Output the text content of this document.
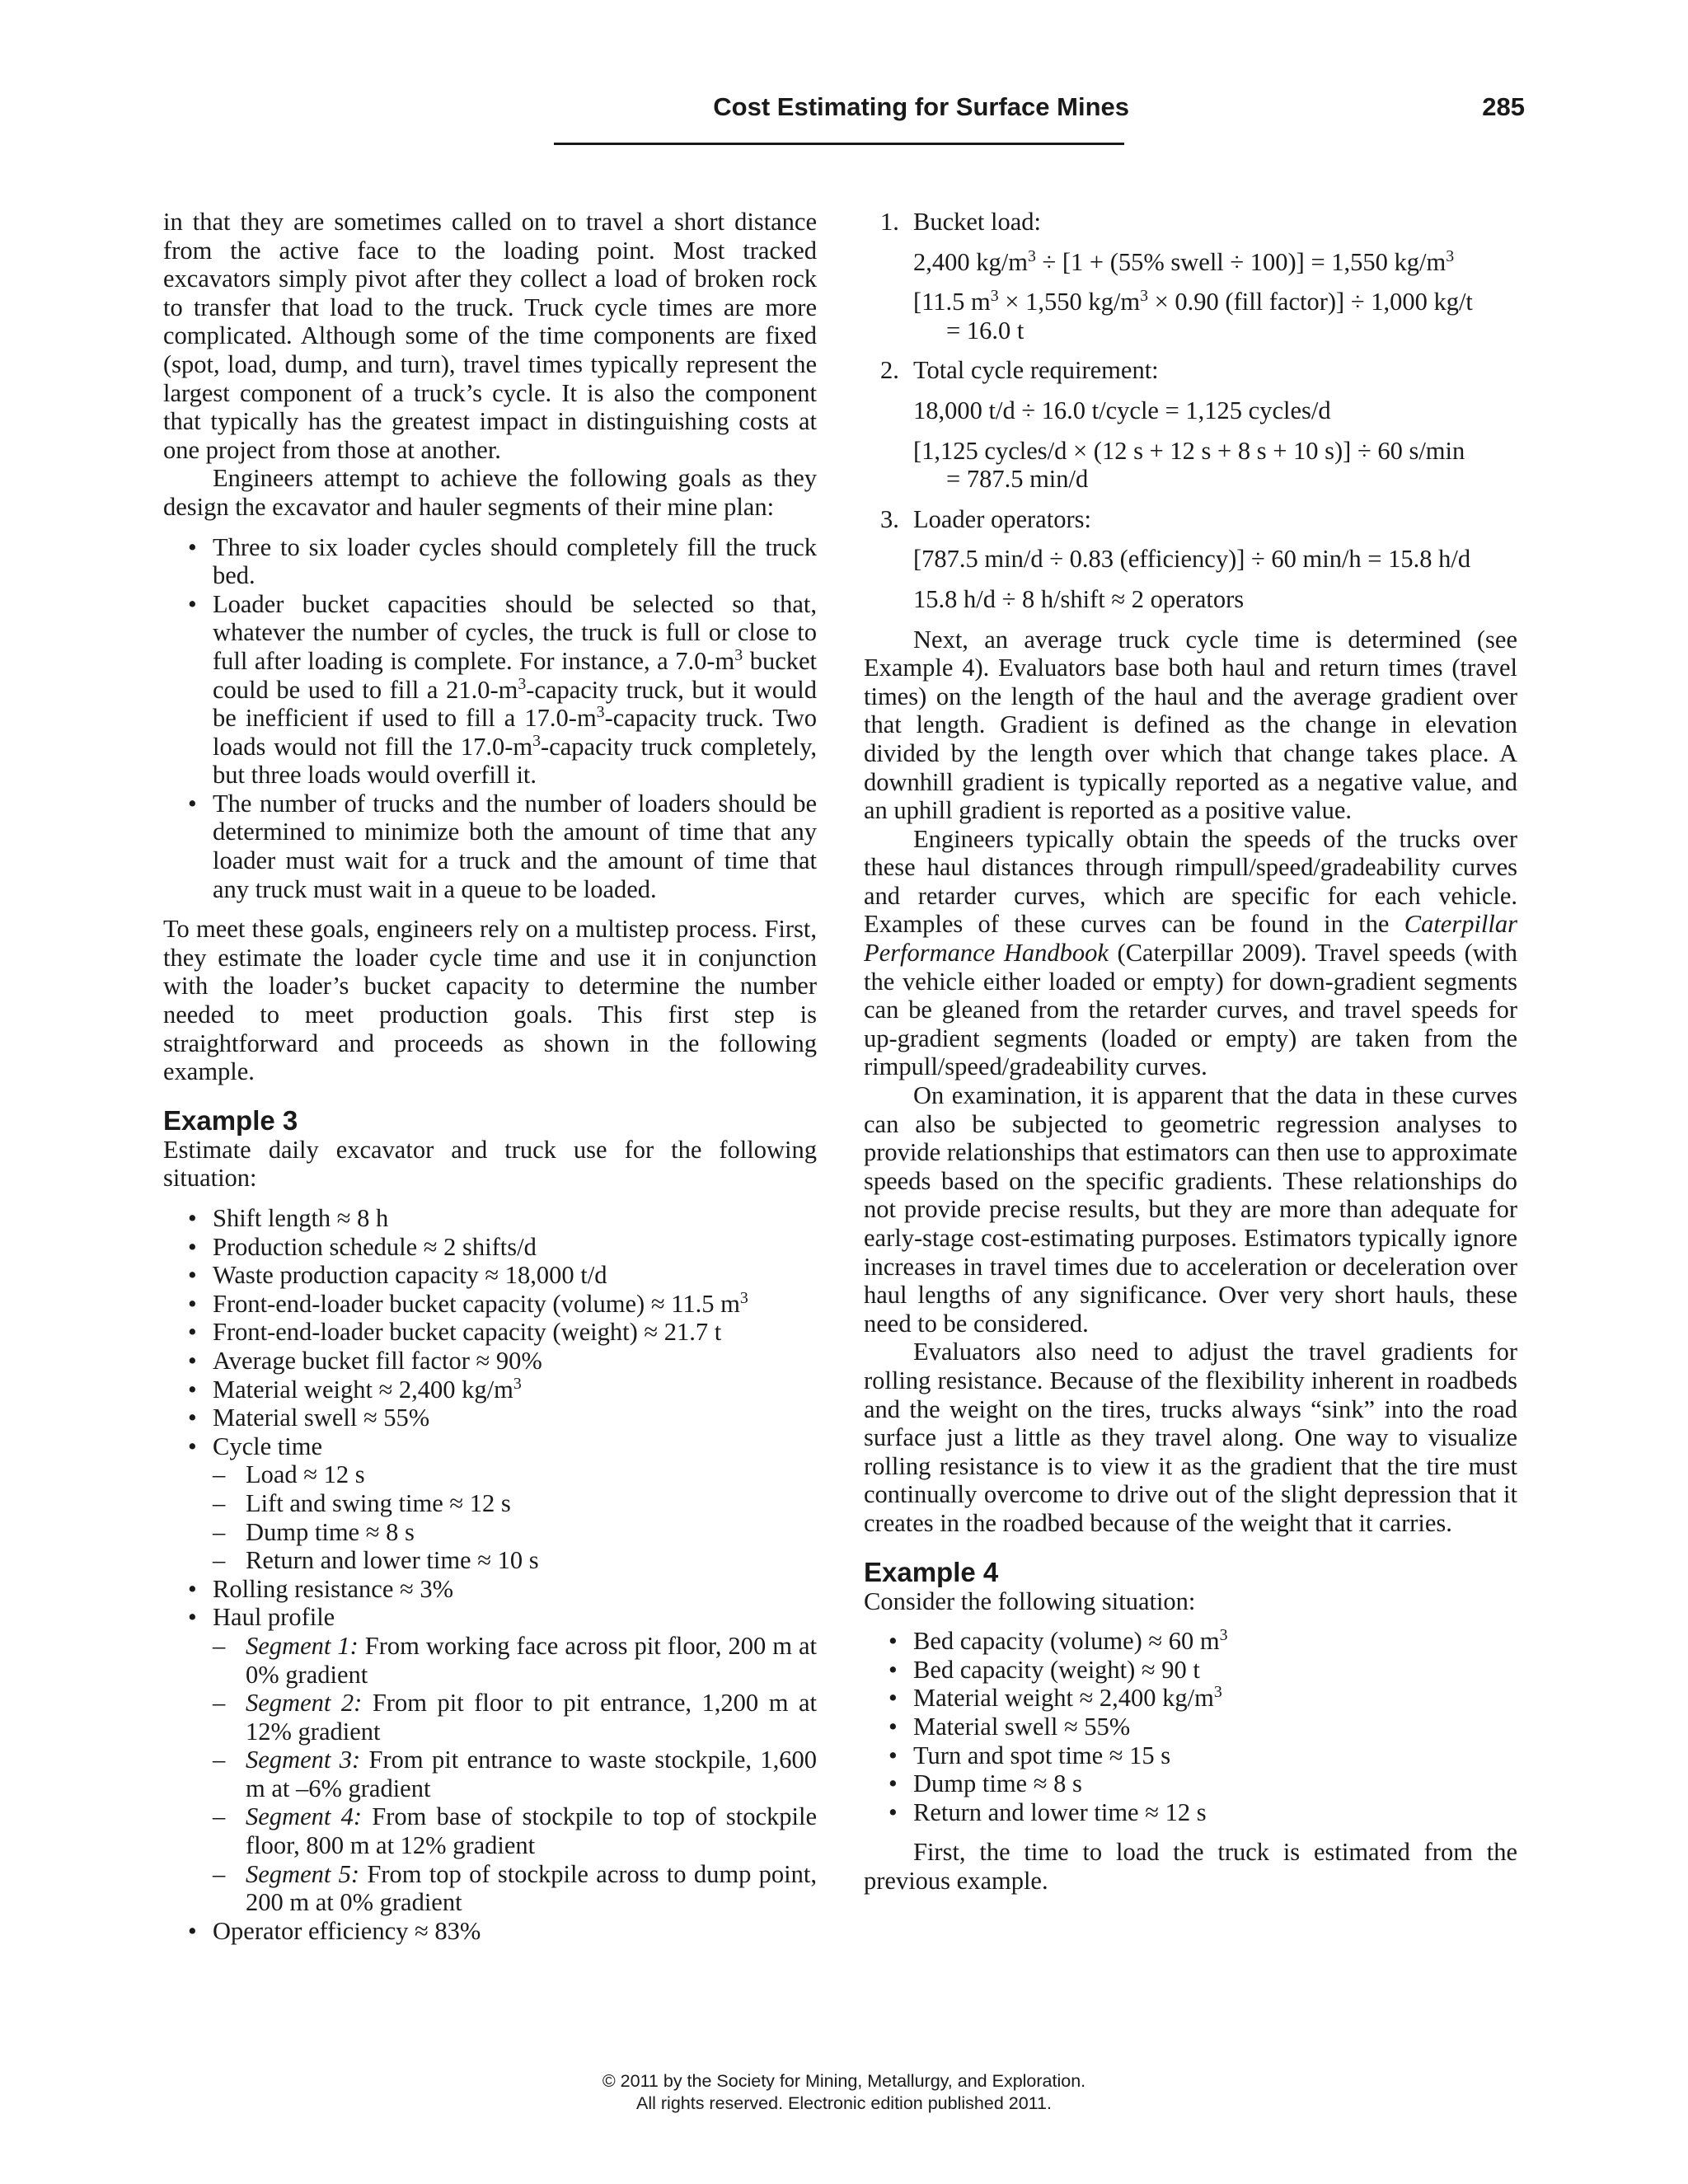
Cost Estimating for Surface Mines	285

in that they are sometimes called on to travel a short distance from the active face to the loading point. Most tracked excavators simply pivot after they collect a load of broken rock to transfer that load to the truck. Truck cycle times are more complicated. Although some of the time components are fixed (spot, load, dump, and turn), travel times typically represent the largest component of a truck’s cycle. It is also the component that typically has the greatest impact in distinguishing costs at one project from those at another.

Engineers attempt to achieve the following goals as they design the excavator and hauler segments of their mine plan:

• Three to six loader cycles should completely fill the truck bed.
• Loader bucket capacities should be selected so that, whatever the number of cycles, the truck is full or close to full after loading is complete. For instance, a $7.0-m^3$ bucket could be used to fill a $21.0-m^3$-capacity truck, but it would be inefficient if used to fill a $17.0-m^3$-capacity truck. Two loads would not fill the $17.0-m^3$-capacity truck completely, but three loads would overfill it.
• The number of trucks and the number of loaders should be determined to minimize both the amount of time that any loader must wait for a truck and the amount of time that any truck must wait in a queue to be loaded.

To meet these goals, engineers rely on a multistep process. First, they estimate the loader cycle time and use it in conjunction with the loader’s bucket capacity to determine the number needed to meet production goals. This first step is straightforward and proceeds as shown in the following example.

Example 3

Estimate daily excavator and truck use for the following situation:

• Shift length ≈ 8 h
• Production schedule ≈ 2 shifts/d
• Waste production capacity ≈ 18,000 t/d
• Front-end-loader bucket capacity (volume) ≈ 11.5 $m^3$
• Front-end-loader bucket capacity (weight) ≈ 21.7 t
• Average bucket fill factor ≈ 90%
• Material weight ≈ 2,400 $kg/m^3$
• Material swell ≈ 55%
• Cycle time
– Load ≈ 12 s
– Lift and swing time ≈ 12 s
– Dump time ≈ 8 s
– Return and lower time ≈ 10 s
• Rolling resistance ≈ 3%
• Haul profile
– Segment 1: From working face across pit floor, 200 m at 0% gradient
– Segment 2: From pit floor to pit entrance, 1,200 m at 12% gradient
– Segment 3: From pit entrance to waste stockpile, 1,600 m at –6% gradient
– Segment 4: From base of stockpile to top of stockpile floor, 800 m at 12% gradient
– Segment 5: From top of stockpile across to dump point, 200 m at 0% gradient
• Operator efficiency ≈ 83%
1. Bucket load:
2,400 $kg/m^3 \div [1 + (55\%$ swell ÷ 100)] = 1,550 $kg/m^3$
[11.5 $m^3 \times 1,550$ $kg/m^3 \times 0.90$ (fill factor)] ÷ 1,000 kg/t
= 16.0 t
2. Total cycle requirement:
18,000 t/d ÷ 16.0 t/cycle = 1,125 cycles/d
[1,125 cycles/d × (12 s + 12 s + 8 s + 10 s)] ÷ 60 s/min
= 787.5 min/d
3. Loader operators:
[787.5 min/d ÷ 0.83 (efficiency)] ÷ 60 min/h = 15.8 h/d
15.8 h/d ÷ 8 h/shift ≈ 2 operators

Next, an average truck cycle time is determined (see Example 4). Evaluators base both haul and return times (travel times) on the length of the haul and the average gradient over that length. Gradient is defined as the change in elevation divided by the length over which that change takes place. A downhill gradient is typically reported as a negative value, and an uphill gradient is reported as a positive value.

Engineers typically obtain the speeds of the trucks over these haul distances through rimpull/speed/gradeability curves and retarder curves, which are specific for each vehicle. Examples of these curves can be found in the Caterpillar Performance Handbook (Caterpillar 2009). Travel speeds (with the vehicle either loaded or empty) for down-gradient segments can be gleaned from the retarder curves, and travel speeds for up-gradient segments (loaded or empty) are taken from the rimpull/speed/gradeability curves.

On examination, it is apparent that the data in these curves can also be subjected to geometric regression analyses to provide relationships that estimators can then use to approximate speeds based on the specific gradients. These relationships do not provide precise results, but they are more than adequate for early-stage cost-estimating purposes. Estimators typically ignore increases in travel times due to acceleration or deceleration over haul lengths of any significance. Over very short hauls, these need to be considered.

Evaluators also need to adjust the travel gradients for rolling resistance. Because of the flexibility inherent in roadbeds and the weight on the tires, trucks always “sink” into the road surface just a little as they travel along. One way to visualize rolling resistance is to view it as the gradient that the tire must continually overcome to drive out of the slight depression that it creates in the roadbed because of the weight that it carries.

Example 4

Consider the following situation:

• Bed capacity (volume) ≈ 60 $m^3$
• Bed capacity (weight) ≈ 90 t
• Material weight ≈ 2,400 $kg/m^3$
• Material swell ≈ 55%
• Turn and spot time ≈ 15 s
• Dump time ≈ 8 s
• Return and lower time ≈ 12 s

First, the time to load the truck is estimated from the previous example.

© 2011 by the Society for Mining, Metallurgy, and Exploration.
All rights reserved. Electronic edition published 2011.
